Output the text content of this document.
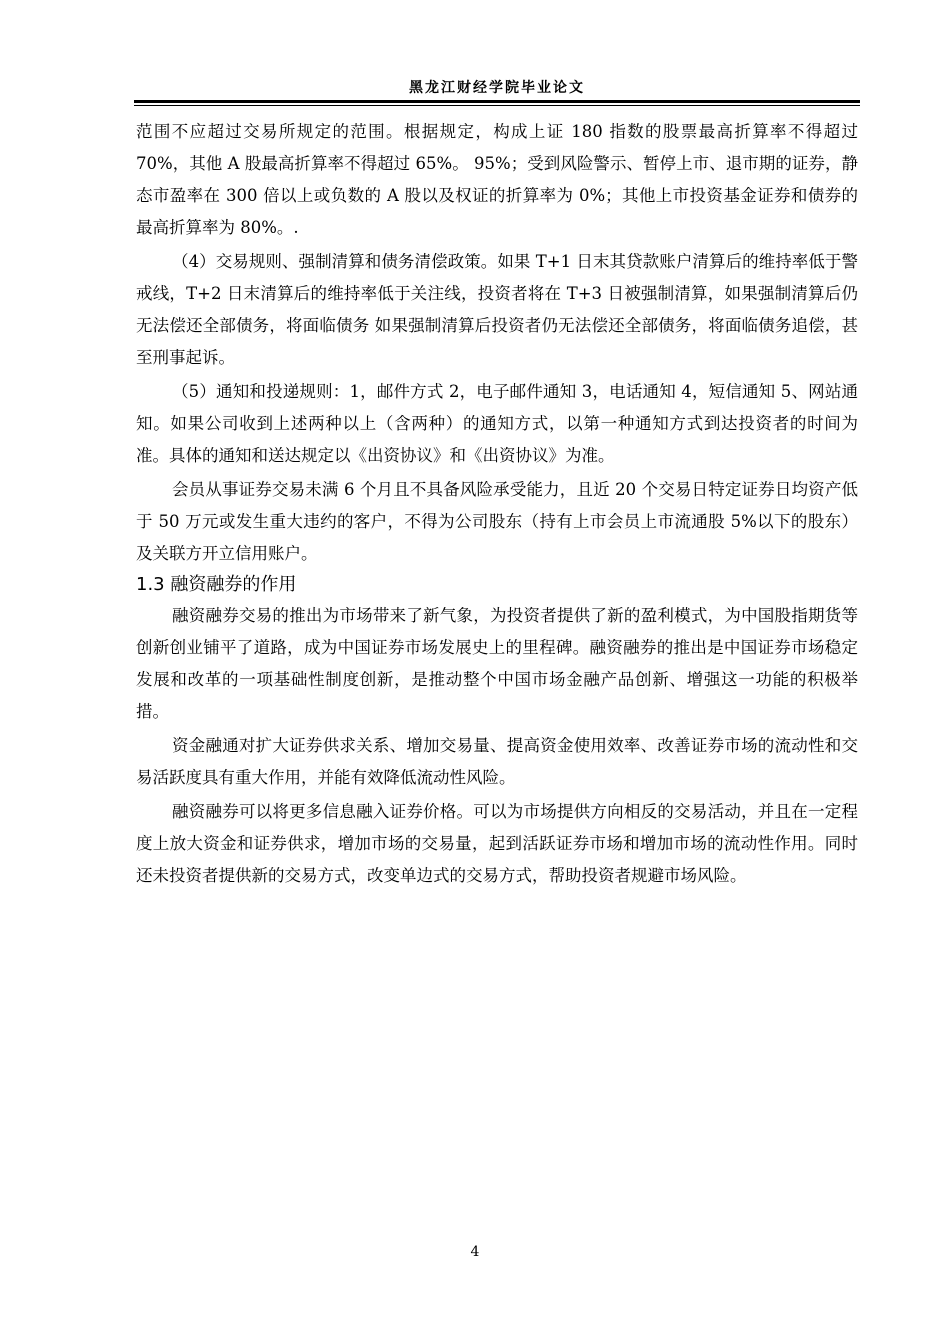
黑龙江财经学院毕业论文

范围不应超过交易所规定的范围。根据规定，构成上证 180 指数的股票最高折算率不得超过 70%，其他 A 股最高折算率不得超过 65%。 95%；受到风险警示、暂停上市、退市期的证券，静态市盈率在 300 倍以上或负数的 A 股以及权证的折算率为 0%；其他上市投资基金证券和债券的最高折算率为 80%。.

（4）交易规则、强制清算和债务清偿政策。如果 T+1 日末其贷款账户清算后的维持率低于警戒线，T+2 日末清算后的维持率低于关注线，投资者将在 T+3 日被强制清算，如果强制清算后仍无法偿还全部债务，将面临债务 如果强制清算后投资者仍无法偿还全部债务，将面临债务追偿，甚至刑事起诉。

（5）通知和投递规则：1，邮件方式 2，电子邮件通知 3，电话通知 4，短信通知 5、网站通知。如果公司收到上述两种以上（含两种）的通知方式，以第一种通知方式到达投资者的时间为准。具体的通知和送达规定以《出资协议》和《出资协议》为准。

会员从事证券交易未满 6 个月且不具备风险承受能力，且近 20 个交易日特定证券日均资产低于 50 万元或发生重大违约的客户，不得为公司股东（持有上市会员上市流通股 5%以下的股东）及关联方开立信用账户。

1.3 融资融券的作用

融资融券交易的推出为市场带来了新气象，为投资者提供了新的盈利模式，为中国股指期货等创新创业铺平了道路，成为中国证券市场发展史上的里程碑。融资融券的推出是中国证券市场稳定发展和改革的一项基础性制度创新，是推动整个中国市场金融产品创新、增强这一功能的积极举措。

资金融通对扩大证券供求关系、增加交易量、提高资金使用效率、改善证券市场的流动性和交易活跃度具有重大作用，并能有效降低流动性风险。

融资融券可以将更多信息融入证券价格。可以为市场提供方向相反的交易活动，并且在一定程度上放大资金和证券供求，增加市场的交易量，起到活跃证券市场和增加市场的流动性作用。同时还未投资者提供新的交易方式，改变单边式的交易方式，帮助投资者规避市场风险。

4
